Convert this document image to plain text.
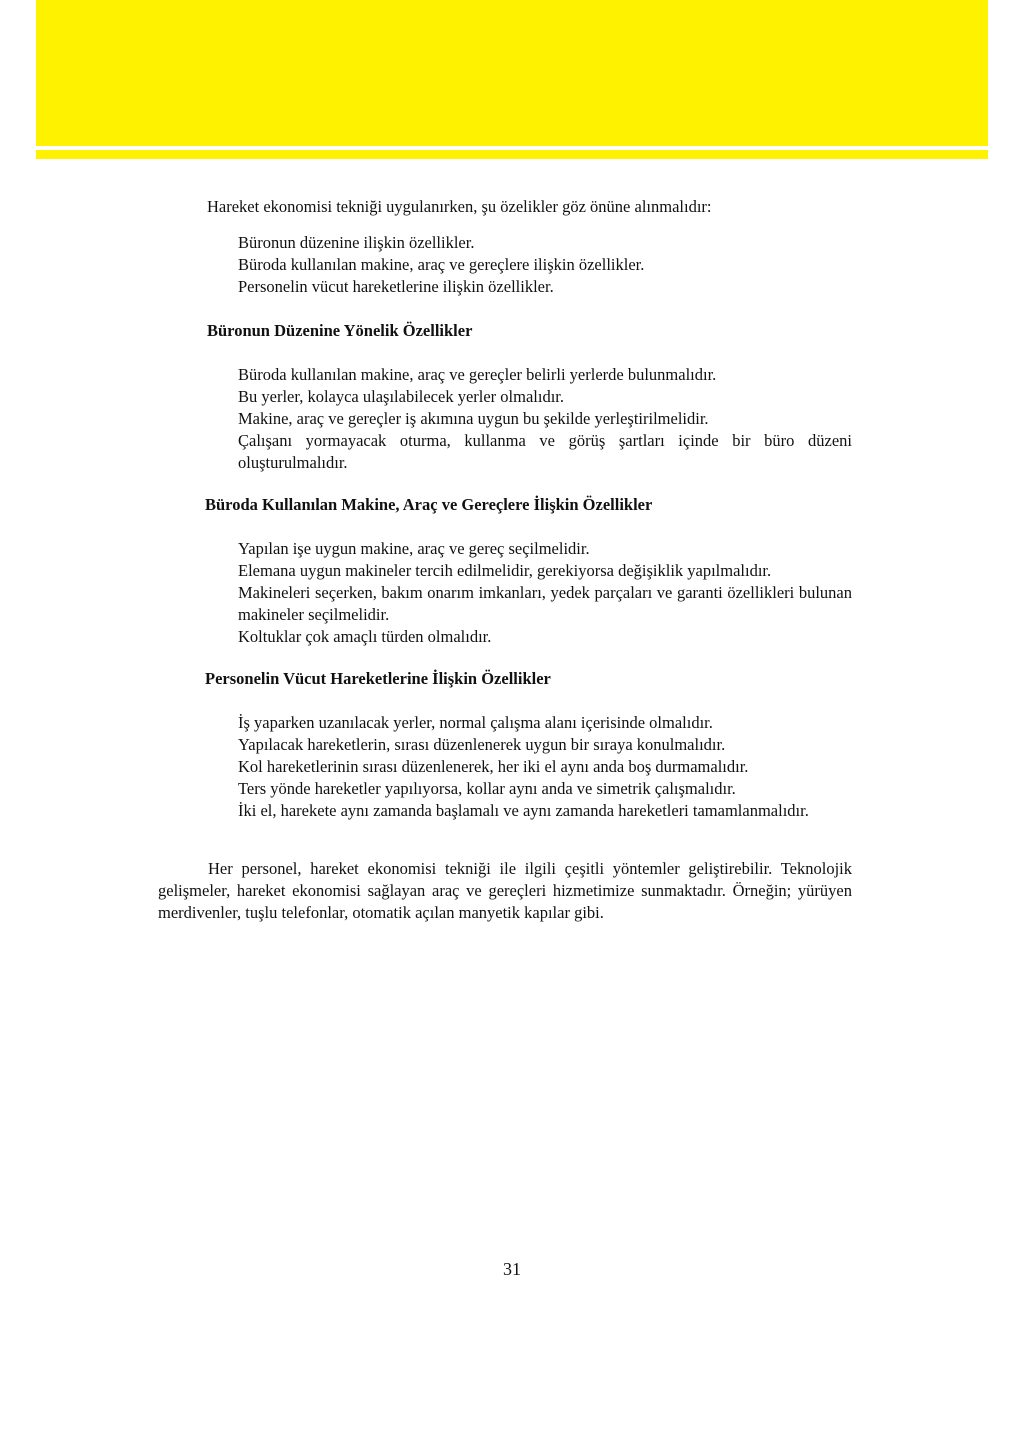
Hareket ekonomisi tekniği uygulanırken, şu özelikler göz önüne alınmalıdır:

Büronun düzenine ilişkin özellikler.
Büroda kullanılan makine, araç ve gereçlere ilişkin özellikler.
Personelin vücut hareketlerine ilişkin özellikler.
Büronun Düzenine Yönelik Özellikler
Büroda kullanılan makine, araç ve gereçler belirli yerlerde bulunmalıdır.
Bu yerler, kolayca ulaşılabilecek yerler olmalıdır.
Makine, araç ve gereçler iş akımına uygun bu şekilde yerleştirilmelidir.
Çalışanı yormayacak oturma, kullanma ve görüş şartları içinde bir büro düzeni oluşturulmalıdır.
Büroda Kullanılan Makine, Araç ve Gereçlere İlişkin Özellikler
Yapılan işe uygun makine, araç ve gereç seçilmelidir.
Elemana uygun makineler tercih edilmelidir, gerekiyorsa değişiklik yapılmalıdır.
Makineleri seçerken, bakım onarım imkanları, yedek parçaları ve garanti özellikleri bulunan makineler seçilmelidir.
Koltuklar çok amaçlı türden olmalıdır.
Personelin Vücut Hareketlerine İlişkin Özellikler
İş yaparken uzanılacak yerler, normal çalışma alanı içerisinde olmalıdır.
Yapılacak hareketlerin, sırası düzenlenerek uygun bir sıraya konulmalıdır.
Kol hareketlerinin sırası düzenlenerek, her iki el aynı anda boş durmamalıdır.
Ters yönde hareketler yapılıyorsa, kollar aynı anda ve simetrik çalışmalıdır.
İki el, harekete aynı zamanda başlamalı ve aynı zamanda hareketleri tamamlanmalıdır.

Her personel, hareket ekonomisi tekniği ile ilgili çeşitli yöntemler geliştirebilir. Teknolojik gelişmeler, hareket ekonomisi sağlayan araç ve gereçleri hizmetimize sunmaktadır. Örneğin; yürüyen merdivenler, tuşlu telefonlar, otomatik açılan manyetik kapılar gibi.

31
